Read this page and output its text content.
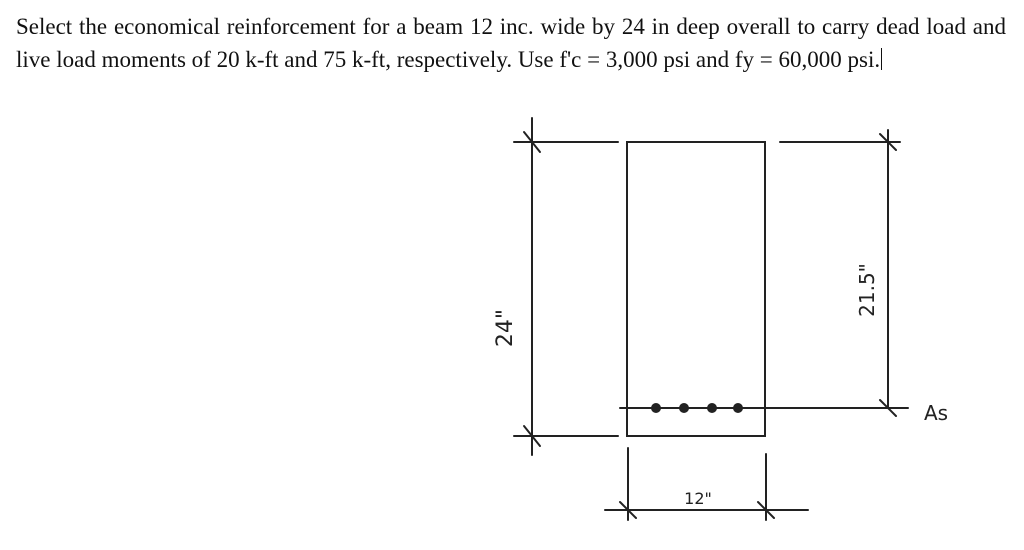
Select the economical reinforcement for a beam 12 inc. wide by 24 in deep overall to carry dead load and live load moments of 20 k-ft and 75 k-ft, respectively. Use f'c = 3,000 psi and fy = 60,000 psi.
24"
21.5"
12"
As
